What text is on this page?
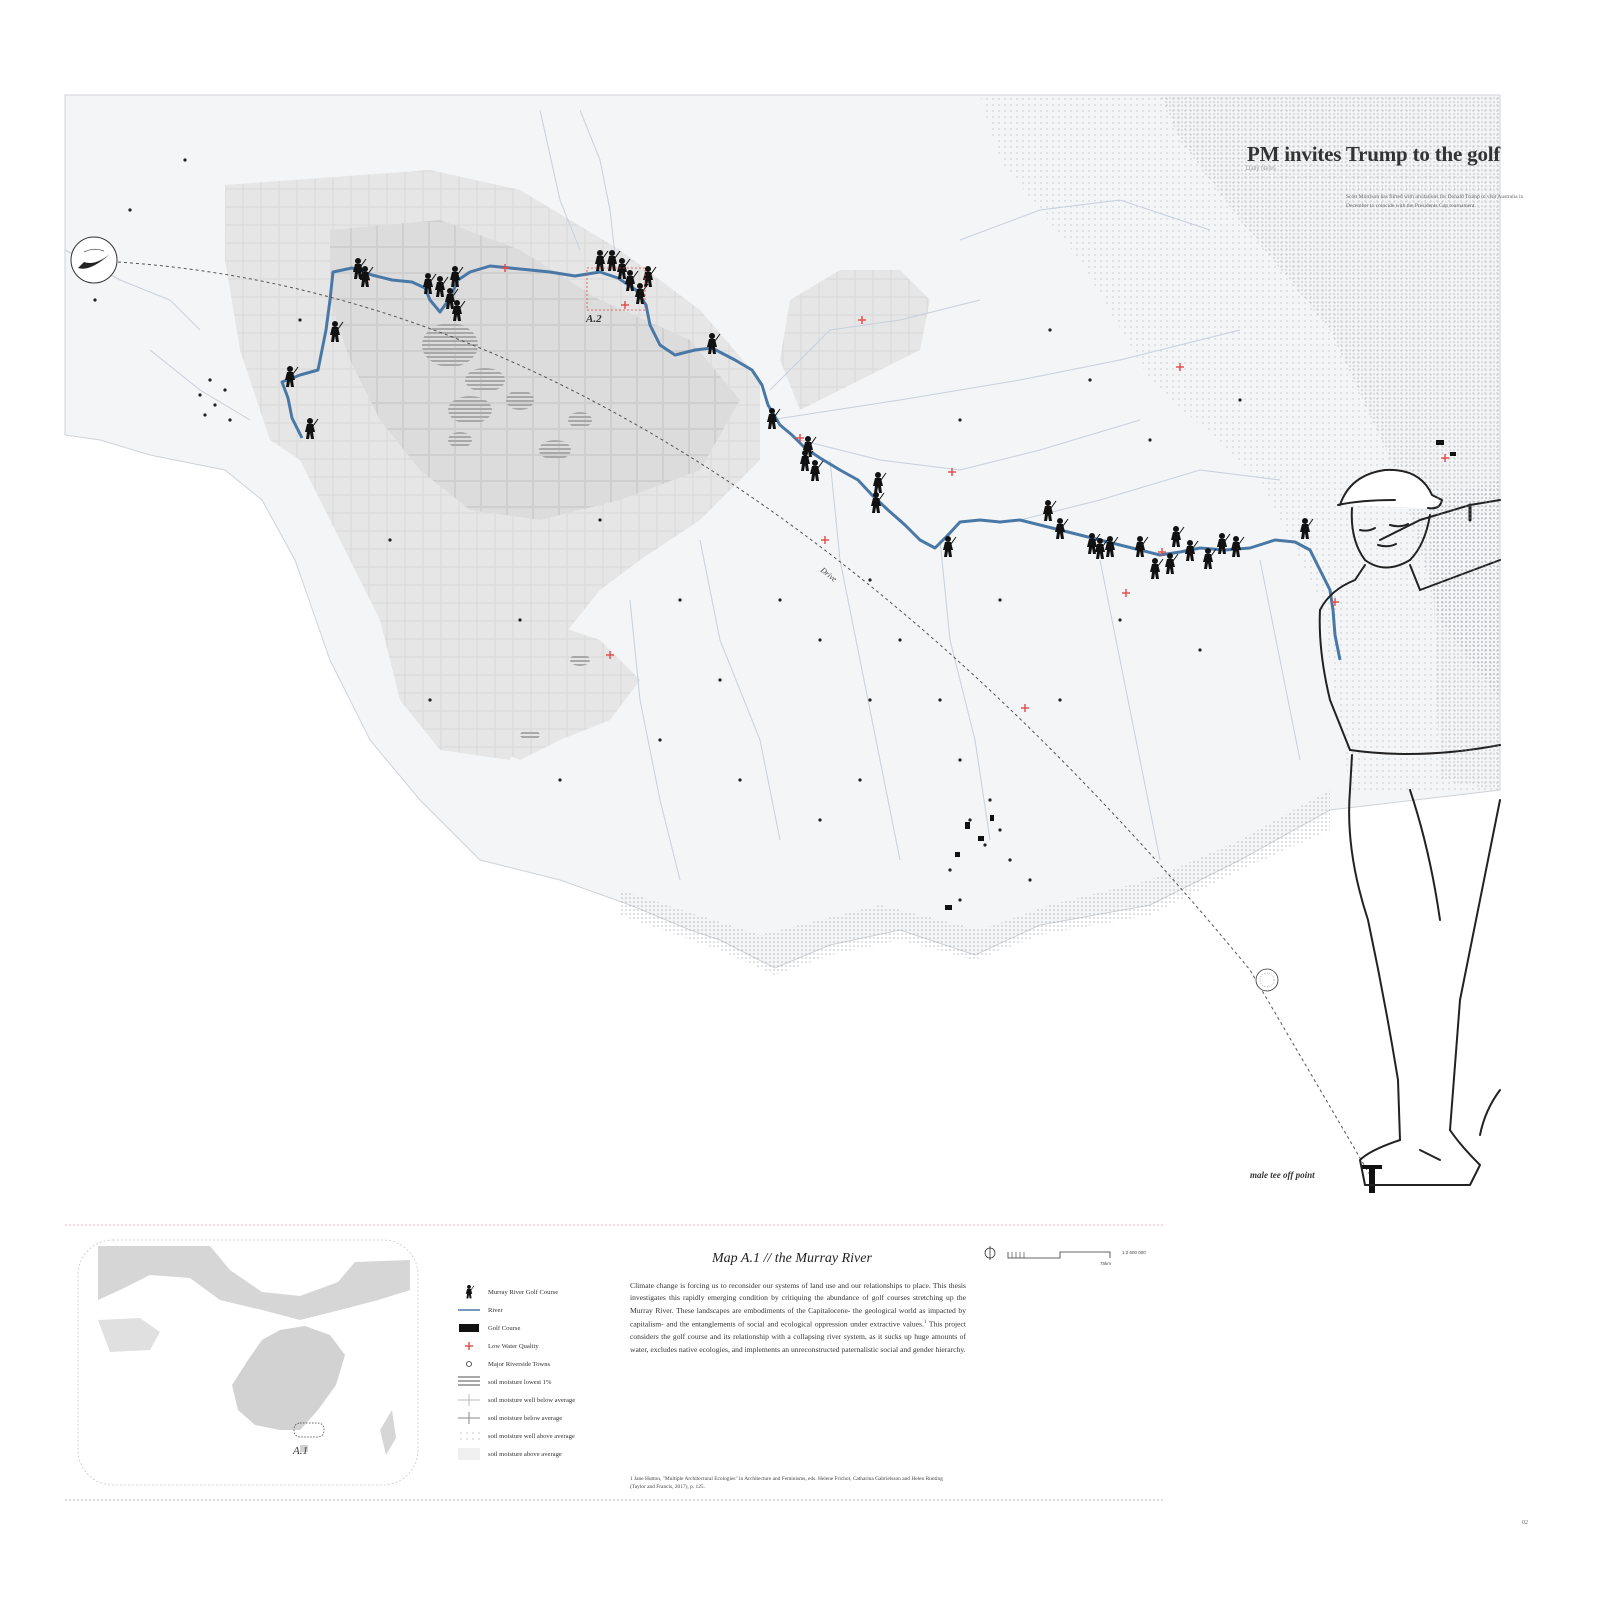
Drive
PM invites Trump to the golf
Daily News
Scott Morrison has flirted with invitations for Donald Trump to visit Australia in December to coincide with the Presidents Cup tournament.
A.2
male tee off point
A.1
Map A.1 // the Murray River
Climate change is forcing us to reconsider our systems of land use and our relationships to place. This thesis investigates this rapidly emerging condition by critiquing the abundance of golf courses stretching up the Murray River. These landscapes are embodiments of the Capitalocene- the geological world as impacted by capitalism- and the entanglements of social and ecological oppression under extractive values.$^1$ This project considers the golf course and its relationship with a collapsing river system, as it sucks up huge amounts of water, excludes native ecologies, and implements an unreconstructed paternalistic social and gender hierarchy.
1 Jane Hutton, "Multiple Architectural Ecologies" in Architecture and Feminisms, eds. Helene Frichot, Catharina Gabrielsson and Helen Runting (Taylor and Francis, 2017), p. 125.
1:2 600 000
75km
Murray River Golf Course
River
Golf Course
Low Water Quality
Major Riverside Towns
soil moisture lowest 1%
soil moisture well below average
soil moisture below average
soil moisture well above average
soil moisture above average
02
